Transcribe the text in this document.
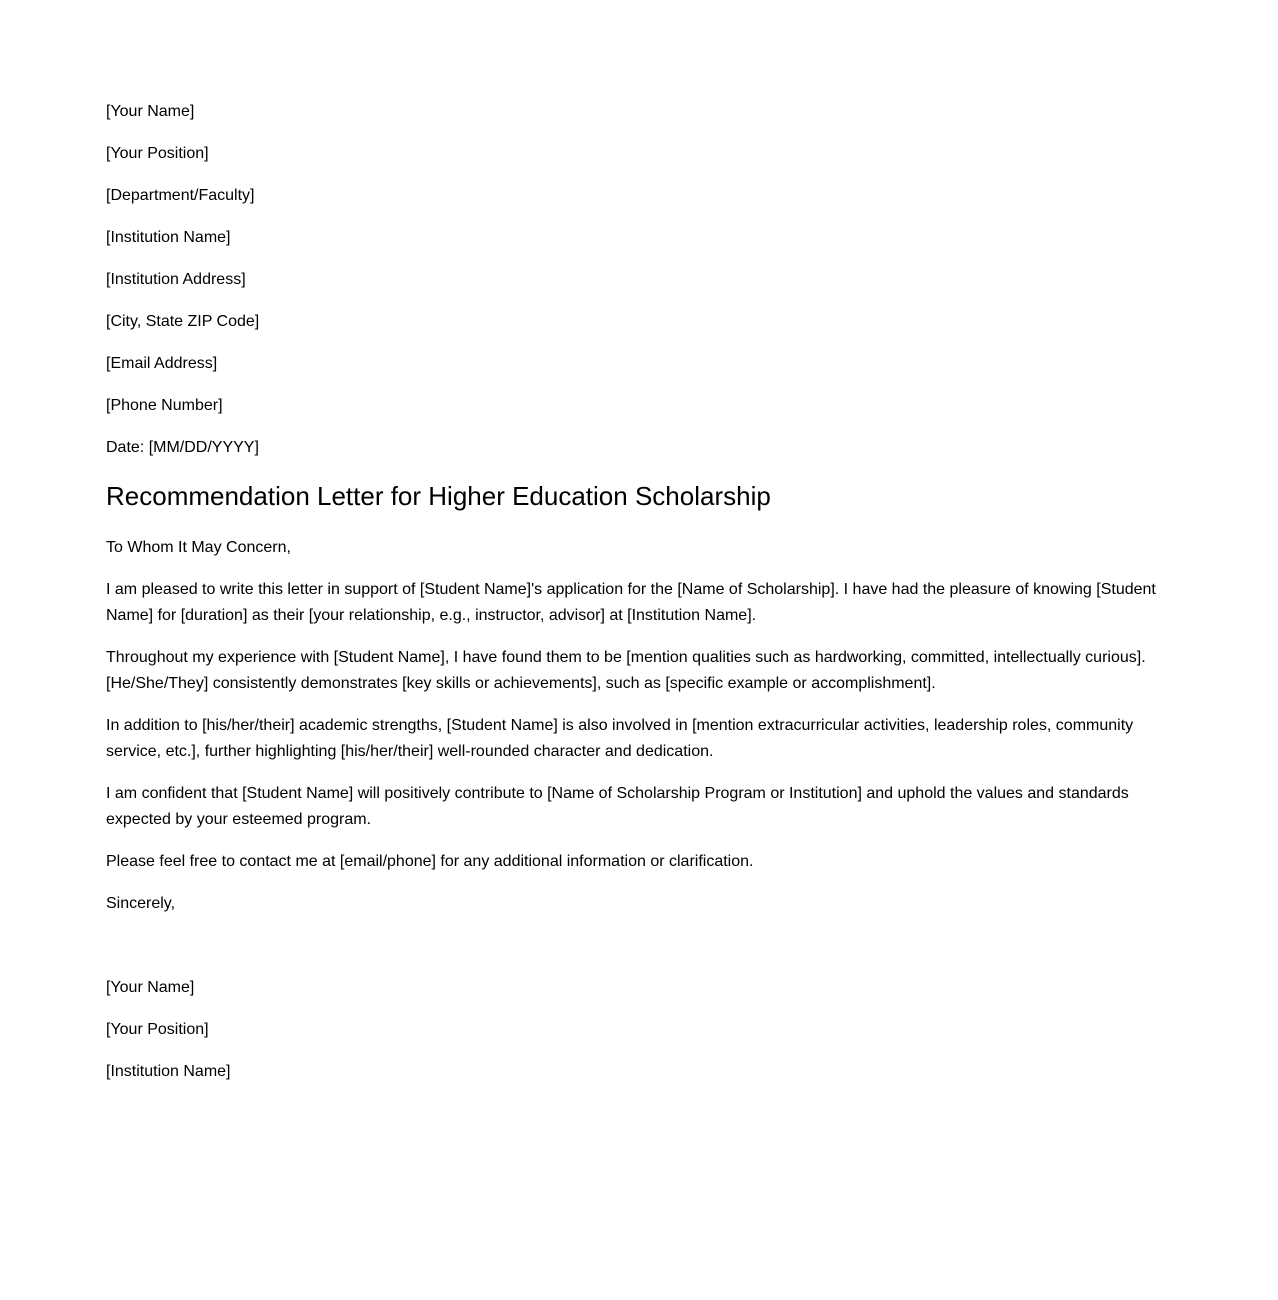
[Your Name]

[Your Position]

[Department/Faculty]

[Institution Name]

[Institution Address]

[City, State ZIP Code]

[Email Address]

[Phone Number]

Date: [MM/DD/YYYY]

Recommendation Letter for Higher Education Scholarship

To Whom It May Concern,

I am pleased to write this letter in support of [Student Name]'s application for the [Name of Scholarship]. I have had the pleasure of knowing [Student Name] for [duration] as their [your relationship, e.g., instructor, advisor] at [Institution Name].

Throughout my experience with [Student Name], I have found them to be [mention qualities such as hardworking, committed, intellectually curious]. [He/She/They] consistently demonstrates [key skills or achievements], such as [specific example or accomplishment].

In addition to [his/her/their] academic strengths, [Student Name] is also involved in [mention extracurricular activities, leadership roles, community service, etc.], further highlighting [his/her/their] well-rounded character and dedication.

I am confident that [Student Name] will positively contribute to [Name of Scholarship Program or Institution] and uphold the values and standards expected by your esteemed program.

Please feel free to contact me at [email/phone] for any additional information or clarification.

Sincerely,

[Your Name]

[Your Position]

[Institution Name]
